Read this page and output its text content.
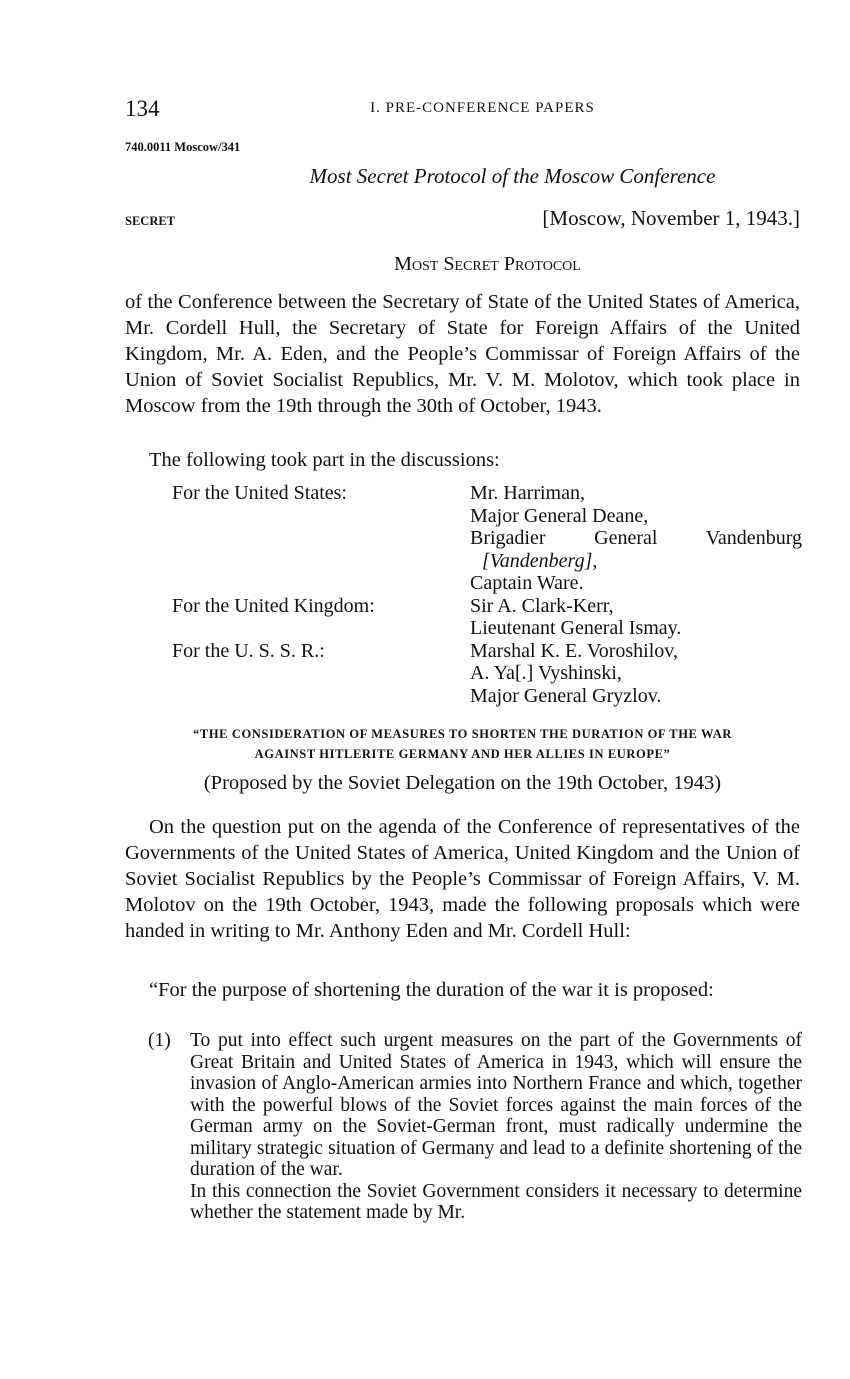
134	I. PRE-CONFERENCE PAPERS
740.0011 Moscow/341
Most Secret Protocol of the Moscow Conference
SECRET	[Moscow, November 1, 1943.]
Most Secret Protocol
of the Conference between the Secretary of State of the United States of America, Mr. Cordell Hull, the Secretary of State for Foreign Affairs of the United Kingdom, Mr. A. Eden, and the People’s Commissar of Foreign Affairs of the Union of Soviet Socialist Republics, Mr. V. M. Molotov, which took place in Moscow from the 19th through the 30th of October, 1943.
The following took part in the discussions:
For the United States:	Mr. Harriman,
Major General Deane,
Brigadier General Vandenburg
[Vandenberg],
Captain Ware.
For the United Kingdom:	Sir A. Clark-Kerr,
Lieutenant General Ismay.
For the U. S. S. R.:	Marshal K. E. Voroshilov,
A. Ya[.] Vyshinski,
Major General Gryzlov.
“THE CONSIDERATION OF MEASURES TO SHORTEN THE DURATION OF THE WAR
AGAINST HITLERITE GERMANY AND HER ALLIES IN EUROPE”
(Proposed by the Soviet Delegation on the 19th October, 1943)
On the question put on the agenda of the Conference of representatives of the Governments of the United States of America, United Kingdom and the Union of Soviet Socialist Republics by the People’s Commissar of Foreign Affairs, V. M. Molotov on the 19th October, 1943, made the following proposals which were handed in writing to Mr. Anthony Eden and Mr. Cordell Hull:
“For the purpose of shortening the duration of the war it is proposed:
(1) To put into effect such urgent measures on the part of the Governments of Great Britain and United States of America in 1943, which will ensure the invasion of Anglo-American armies into Northern France and which, together with the powerful blows of the Soviet forces against the main forces of the German army on the Soviet-German front, must radically undermine the military strategic situation of Germany and lead to a definite shortening of the duration of the war.

In this connection the Soviet Government considers it necessary to determine whether the statement made by Mr.
